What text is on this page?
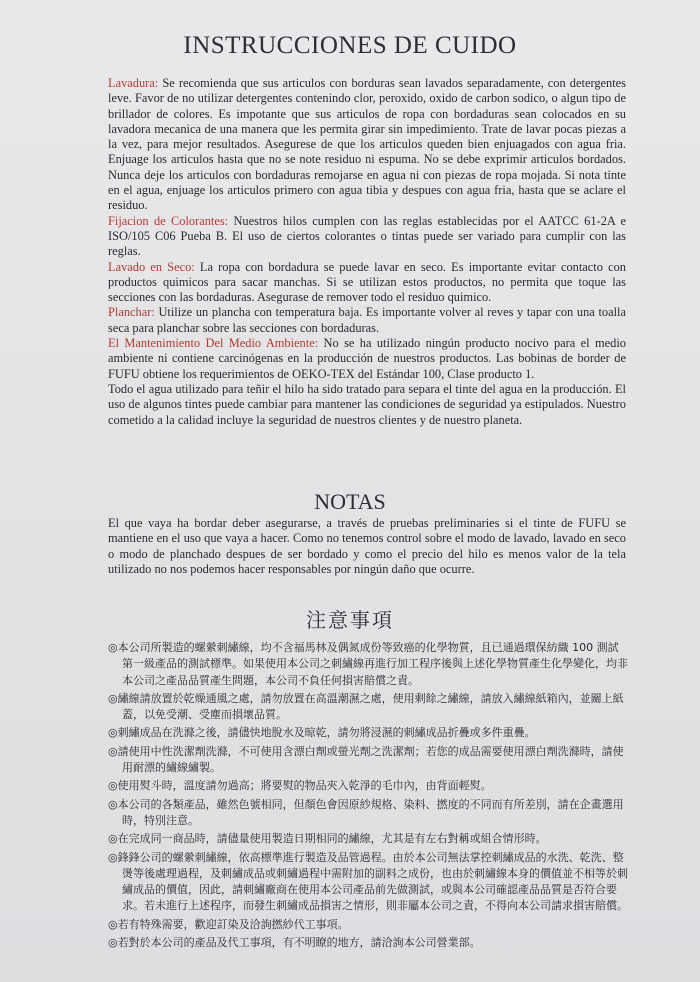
INSTRUCCIONES DE CUIDO

Lavadura: Se recomienda que sus articulos con borduras sean lavados separadamente, con detergentes leve. Favor de no utilizar detergentes contenindo clor, peroxido, oxido de carbon sodico, o algun tipo de brillador de colores. Es impotante que sus articulos de ropa con bordaduras sean colocados en su lavadora mecanica de una manera que les permita girar sin impedimiento. Trate de lavar pocas piezas a la vez, para mejor resultados. Asegurese de que los articulos queden bien enjuagados con agua fria. Enjuage los articulos hasta que no se note residuo ni espuma. No se debe exprimir articulos bordados. Nunca deje los articulos con bordaduras remojarse en agua ni con piezas de ropa mojada. Si nota tinte en el agua, enjuage los articulos primero con agua tibia y despues con agua fria, hasta que se aclare el residuo.

Fijacion de Colorantes: Nuestros hilos cumplen con las reglas establecidas por el AATCC 61-2A e ISO/105 C06 Pueba B. El uso de ciertos colorantes o tintas puede ser variado para cumplir con las reglas.

Lavado en Seco: La ropa con bordadura se puede lavar en seco. Es importante evitar contacto con productos quimicos para sacar manchas. Si se utilizan estos productos, no permita que toque las secciones con las bordaduras. Asegurase de remover todo el residuo quimico.

Planchar: Utilize un plancha con temperatura baja. Es importante volver al reves y tapar con una toalla seca para planchar sobre las secciones con bordaduras.

El Mantenimiento Del Medio Ambiente: No se ha utilizado ningún producto nocivo para el medio ambiente ni contiene carcinógenas en la producción de nuestros productos. Las bobinas de border de FUFU obtiene los requerimientos de OEKO-TEX del Estándar 100, Clase producto 1.

Todo el agua utilizado para teñir el hilo ha sido tratado para separa el tinte del agua en la producción. El uso de algunos tintes puede cambiar para mantener las condiciones de seguridad ya estipulados. Nuestro cometido a la calidad incluye la seguridad de nuestros clientes y de nuestro planeta.

NOTAS
El que vaya ha bordar deber asegurarse, a través de pruebas preliminaries si el tinte de FUFU se mantiene en el uso que vaya a hacer. Como no tenemos control sobre el modo de lavado, lavado en seco o modo de planchado despues de ser bordado y como el precio del hilo es menos valor de la tela utilizado no nos podemos hacer responsables por ningún daño que ocurre.
注意事項

◎本公司所製造的螺縈刺繡線，均不含福馬林及偶氮成份等致癌的化學物質，且已通過環保紡織 100 測試第一級產品的測試標準。如果使用本公司之刺繡線再進行加工程序後與上述化學物質產生化學變化，均非本公司之產品品質產生問題，本公司不負任何損害賠償之責。

◎繡線請放置於乾燥通風之處，請勿放置在高溫潮濕之處，使用剩餘之繡線，請放入繡線紙箱內，並關上紙蓋，以免受潮、受塵而損壞品質。

◎刺繡成品在洗滌之後，請儘快地脫水及晾乾，請勿將浸濕的刺繡成品折疊或多件重疊。

◎請使用中性洗潔劑洗滌，不可使用含漂白劑或螢光劑之洗潔劑；若您的成品需要使用漂白劑洗滌時，請使用耐漂的繡線繡製。

◎使用熨斗時，溫度請勿過高；將要熨的物品夾入乾淨的毛巾內，由背面輕熨。

◎本公司的各類產品，雖然色號相同，但顏色會因原紗規格、染料、撚度的不同而有所差別，請在企畫選用時，特別注意。

◎在完成同一商品時，請儘量使用製造日期相同的繡線，尤其是有左右對稱或組合情形時。

◎鋒鋒公司的螺縈刺繡線，依高標準進行製造及品管過程。由於本公司無法掌控刺繡成品的水洗、乾洗、整燙等後處理過程，及刺繡成品或刺繡過程中需附加的副料之成份，也由於刺繡線本身的價值並不相等於刺繡成品的價值，因此，請刺繡廠商在使用本公司產品前先做測試，或與本公司確認產品品質是否符合要求。若未進行上述程序，而發生刺繡成品損害之情形，則非屬本公司之責，不得向本公司請求損害賠償。

◎若有特殊需要，歡迎訂染及洽詢撚紗代工事項。

◎若對於本公司的產品及代工事項，有不明瞭的地方，請洽詢本公司營業部。
